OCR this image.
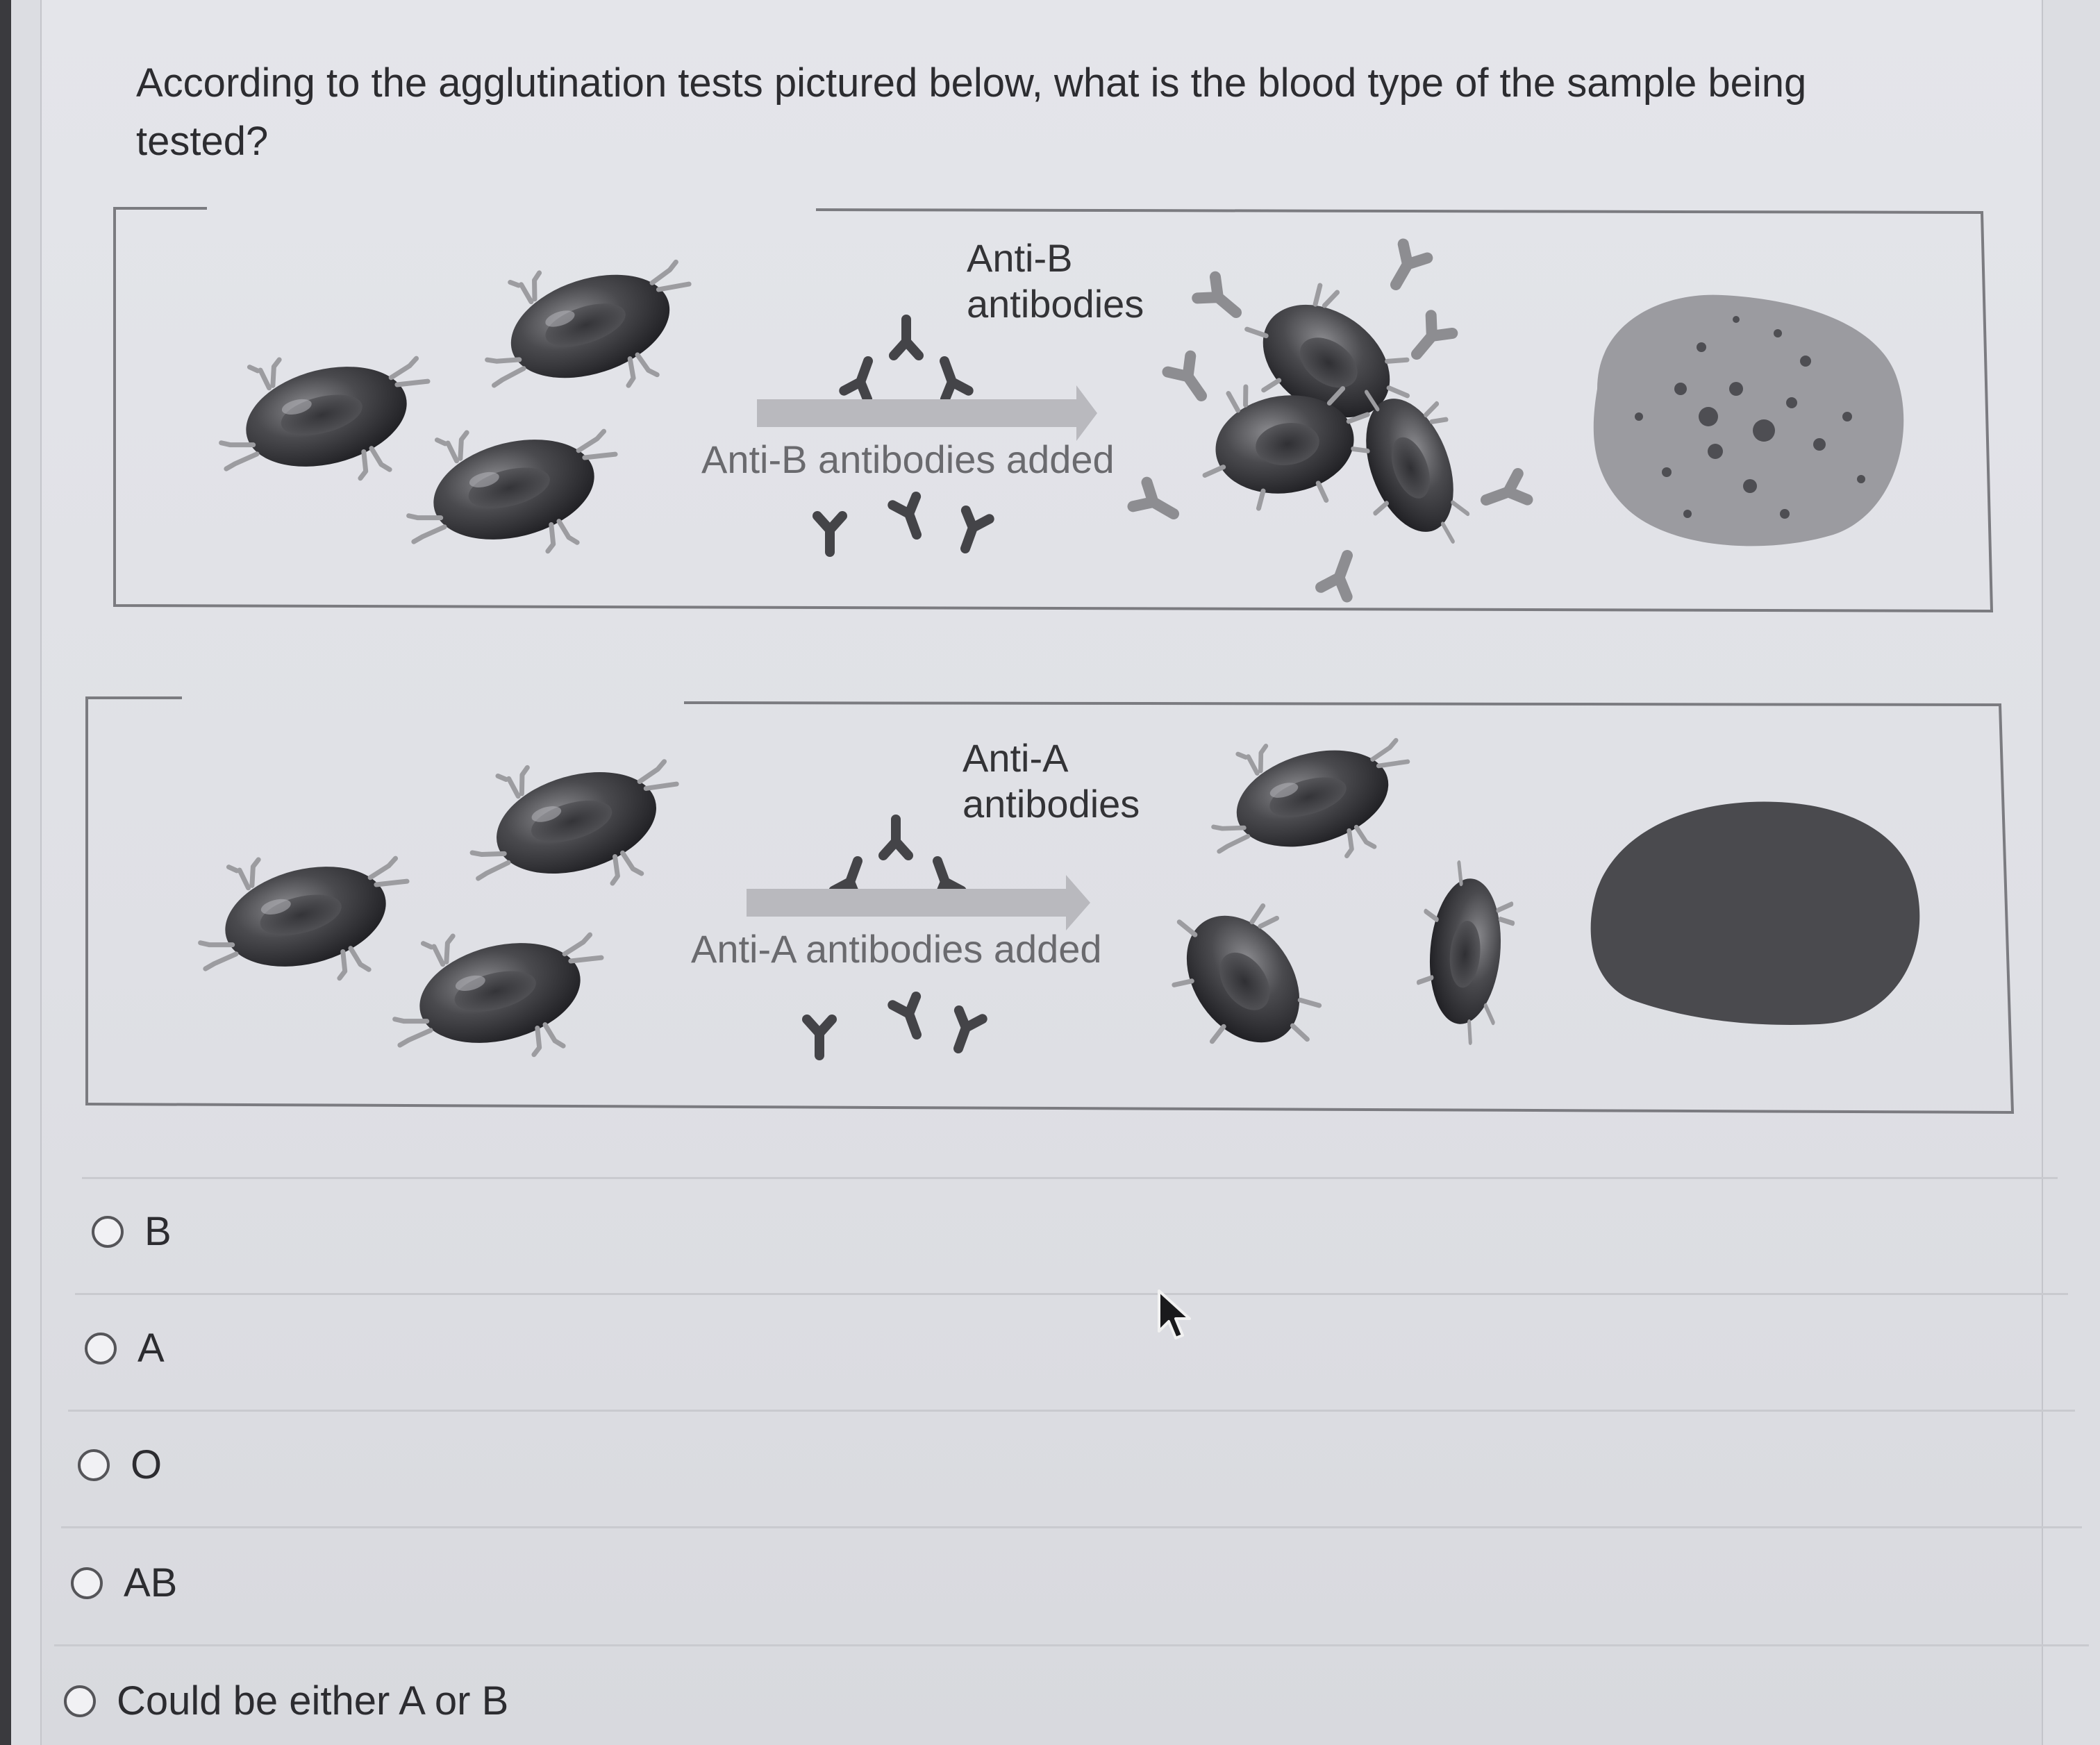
According to the agglutination tests pictured below, what is the blood type of the sample being tested?
Anti-B
antibodies
Anti-B antibodies added
Anti-A
antibodies
Anti-A antibodies added
B
A
O
AB
Could be either A or B
